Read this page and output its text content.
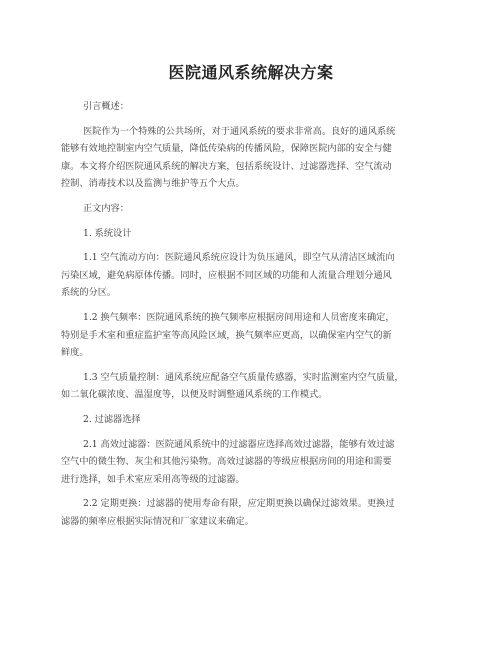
医院通风系统解决方案

引言概述：

医院作为一个特殊的公共场所，对于通风系统的要求非常高。良好的通风系统
能够有效地控制室内空气质量，降低传染病的传播风险，保障医院内部的安全与健
康。本文将介绍医院通风系统的解决方案，包括系统设计、过滤器选择、空气流动
控制、消毒技术以及监测与维护等五个大点。

正文内容：

1. 系统设计

1.1 空气流动方向：医院通风系统应设计为负压通风，即空气从清洁区域流向
污染区域，避免病原体传播。同时，应根据不同区域的功能和人流量合理划分通风
系统的分区。

1.2 换气频率：医院通风系统的换气频率应根据房间用途和人员密度来确定，
特别是手术室和重症监护室等高风险区域，换气频率应更高，以确保室内空气的新
鲜度。

1.3 空气质量控制：通风系统应配备空气质量传感器，实时监测室内空气质量，
如二氧化碳浓度、温湿度等，以便及时调整通风系统的工作模式。

2. 过滤器选择

2.1 高效过滤器：医院通风系统中的过滤器应选择高效过滤器，能够有效过滤
空气中的微生物、灰尘和其他污染物。高效过滤器的等级应根据房间的用途和需要
进行选择，如手术室应采用高等级的过滤器。

2.2 定期更换：过滤器的使用寿命有限，应定期更换以确保过滤效果。更换过
滤器的频率应根据实际情况和厂家建议来确定。
